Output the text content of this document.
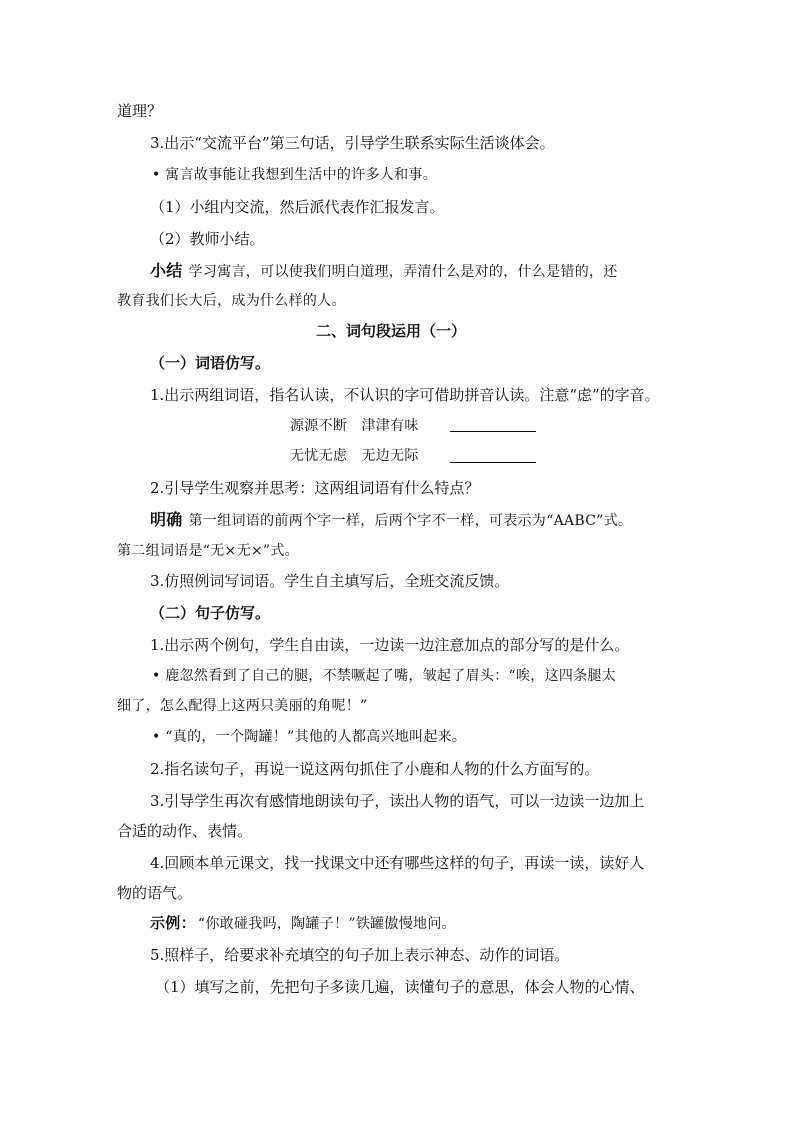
道理？
3.出示“交流平台”第三句话，引导学生联系实际生活谈体会。
• 寓言故事能让我想到生活中的许多人和事。
（1）小组内交流，然后派代表作汇报发言。
（2）教师小结。
小结 学习寓言，可以使我们明白道理，弄清什么是对的，什么是错的，还
教育我们长大后，成为什么样的人。
二、词句段运用（一）
（一）词语仿写。
1.出示两组词语，指名认读，不认识的字可借助拼音认读。注意“虑”的字音。
源源不断　津津有味
无忧无虑　无边无际
2.引导学生观察并思考：这两组词语有什么特点？
明确 第一组词语的前两个字一样，后两个字不一样，可表示为“AABC”式。
第二组词语是“无×无×”式。
3.仿照例词写词语。学生自主填写后，全班交流反馈。
（二）句子仿写。
1.出示两个例句，学生自由读，一边读一边注意加点的部分写的是什么。
• 鹿忽然看到了自己的腿，不禁噘起了嘴，皱起了眉头：“唉，这四条腿太
细了，怎么配得上这两只美丽的角呢！”
• “真的，一个陶罐！”其他的人都高兴地叫起来。
2.指名读句子，再说一说这两句抓住了小鹿和人物的什么方面写的。
3.引导学生再次有感情地朗读句子，读出人物的语气，可以一边读一边加上
合适的动作、表情。
4.回顾本单元课文，找一找课文中还有哪些这样的句子，再读一读，读好人
物的语气。
示例： “你敢碰我吗，陶罐子！”铁罐傲慢地问。
5.照样子，给要求补充填空的句子加上表示神态、动作的词语。
（1）填写之前，先把句子多读几遍，读懂句子的意思，体会人物的心情、
